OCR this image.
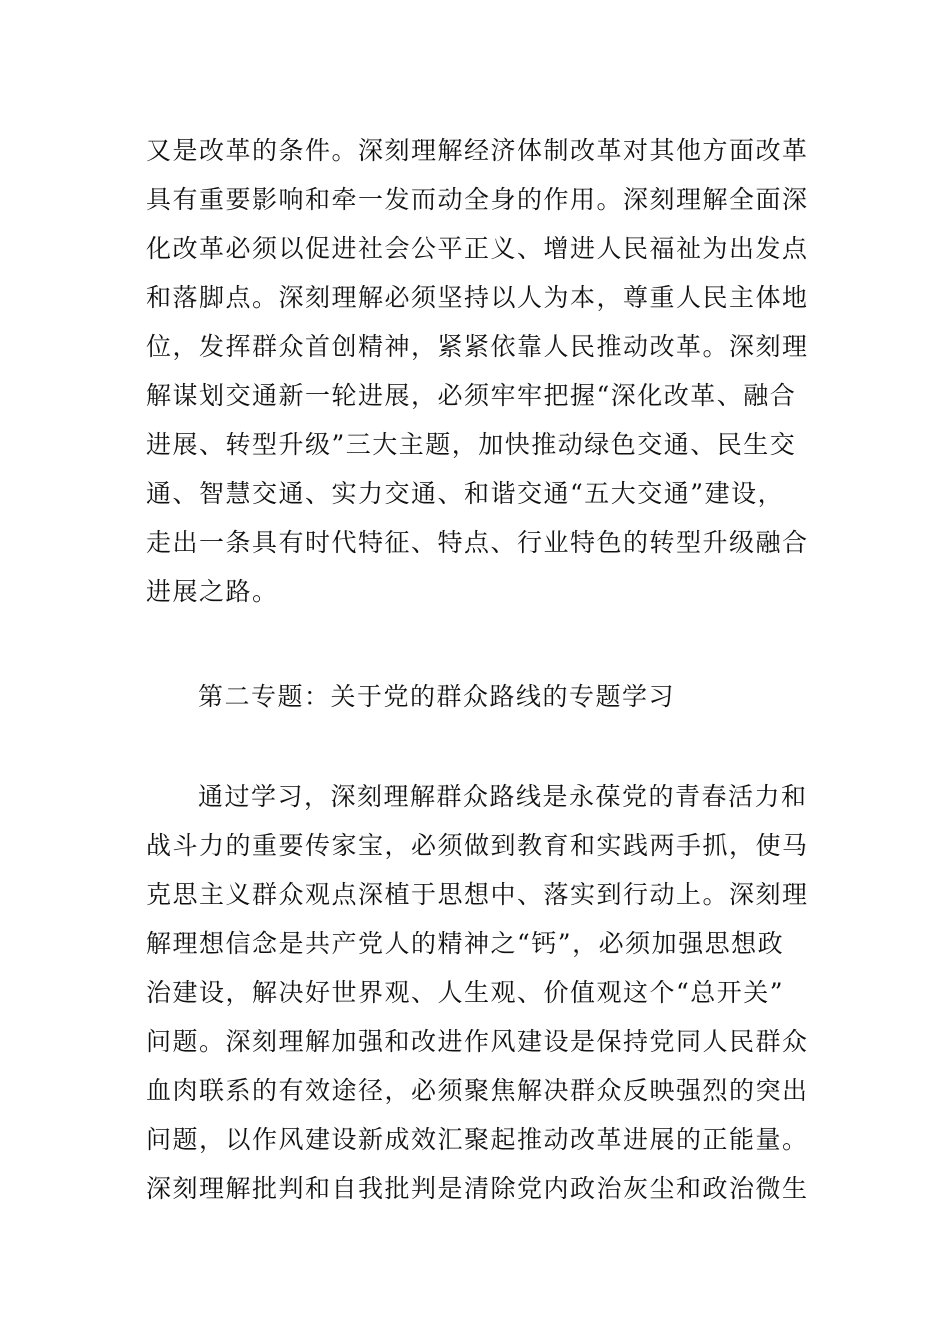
又是改革的条件。深刻理解经济体制改革对其他方面改革
具有重要影响和牵一发而动全身的作用。深刻理解全面深
化改革必须以促进社会公平正义、增进人民福祉为出发点
和落脚点。深刻理解必须坚持以人为本，尊重人民主体地
位，发挥群众首创精神，紧紧依靠人民推动改革。深刻理
解谋划交通新一轮进展，必须牢牢把握“深化改革、融合
进展、转型升级”三大主题，加快推动绿色交通、民生交
通、智慧交通、实力交通、和谐交通“五大交通”建设，
走出一条具有时代特征、特点、行业特色的转型升级融合
进展之路。
第二专题：关于党的群众路线的专题学习
通过学习，深刻理解群众路线是永葆党的青春活力和
战斗力的重要传家宝，必须做到教育和实践两手抓，使马
克思主义群众观点深植于思想中、落实到行动上。深刻理
解理想信念是共产党人的精神之“钙”，必须加强思想政
治建设，解决好世界观、人生观、价值观这个“总开关”
问题。深刻理解加强和改进作风建设是保持党同人民群众
血肉联系的有效途径，必须聚焦解决群众反映强烈的突出
问题，以作风建设新成效汇聚起推动改革进展的正能量。
深刻理解批判和自我批判是清除党内政治灰尘和政治微生
